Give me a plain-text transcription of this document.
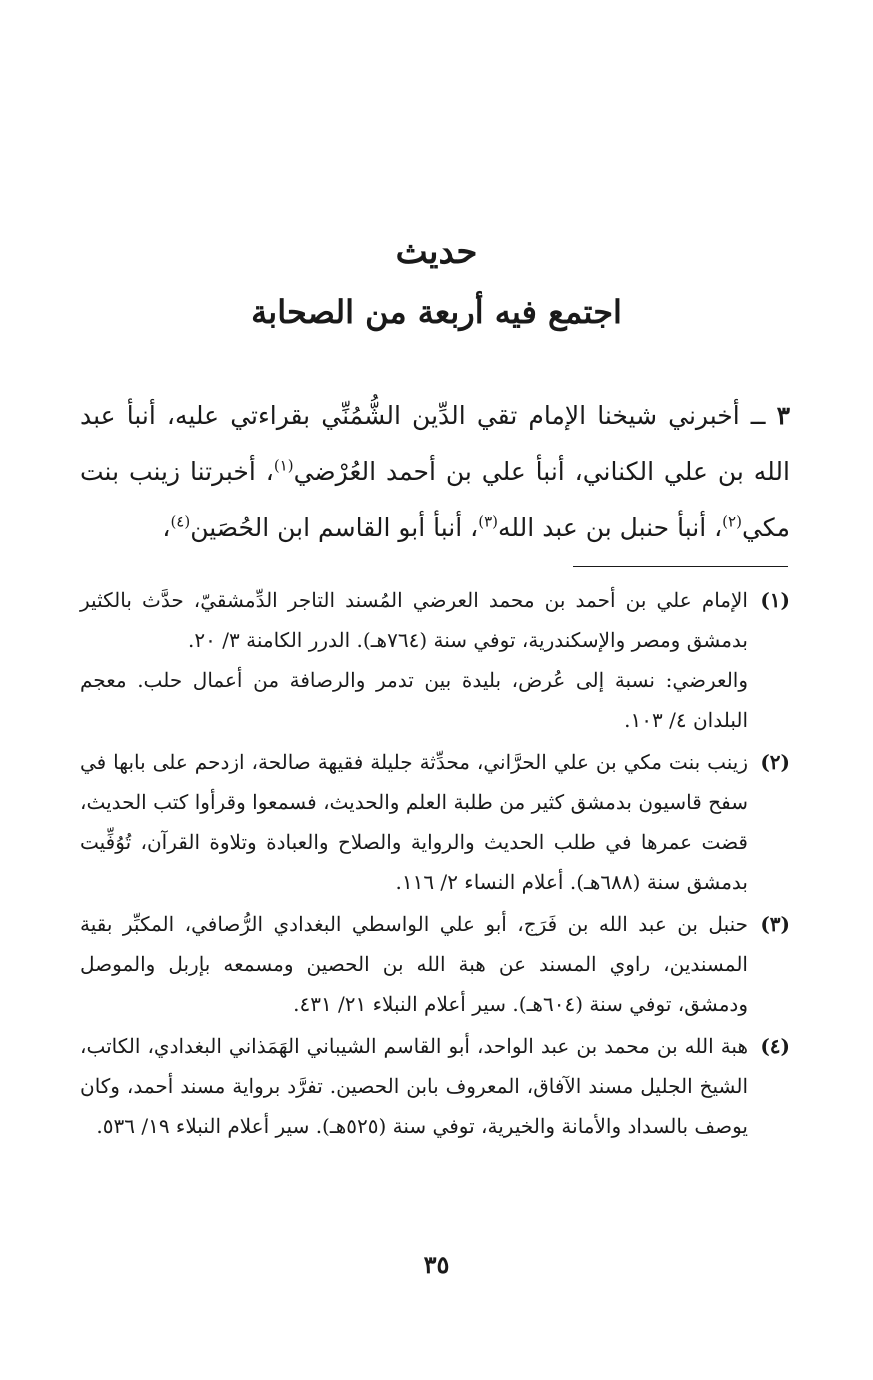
حديث
اجتمع فيه أربعة من الصحابة

٣ ــ أخبرني شيخنا الإمام تقي الدِّين الشُّمُنِّي بقراءتي عليه، أنبأ عبد الله بن علي الكناني، أنبأ علي بن أحمد العُرْضي$^{(١)}$، أخبرتنا زينب بنت مكي$^{(٢)}$، أنبأ حنبل بن عبد الله$^{(٣)}$، أنبأ أبو القاسم ابن الحُصَين$^{(٤)}$،

(١)

الإمام علي بن أحمد بن محمد العرضي المُسند التاجر الدِّمشقيّ، حدَّث بالكثير بدمشق ومصر والإسكندرية، توفي سنة (٧٦٤هـ). الدرر الكامنة ٣/ ٢٠.

والعرضي: نسبة إلى عُرض، بليدة بين تدمر والرصافة من أعمال حلب. معجم البلدان ٤/ ١٠٣.

(٢)

زينب بنت مكي بن علي الحرَّاني، محدِّثة جليلة فقيهة صالحة، ازدحم على بابها في سفح قاسيون بدمشق كثير من طلبة العلم والحديث، فسمعوا وقرأوا كتب الحديث، قضت عمرها في طلب الحديث والرواية والصلاح والعبادة وتلاوة القرآن، تُوُفِّيت بدمشق سنة (٦٨٨هـ). أعلام النساء ٢/ ١١٦.

(٣)

حنبل بن عبد الله بن فَرَج، أبو علي الواسطي البغدادي الرُّصافي، المكبِّر بقية المسندين، راوي المسند عن هبة الله بن الحصين ومسمعه بإربل والموصل ودمشق، توفي سنة (٦٠٤هـ). سير أعلام النبلاء ٢١/ ٤٣١.

(٤)

هبة الله بن محمد بن عبد الواحد، أبو القاسم الشيباني الهَمَذاني البغدادي، الكاتب، الشيخ الجليل مسند الآفاق، المعروف بابن الحصين. تفرَّد برواية مسند أحمد، وكان يوصف بالسداد والأمانة والخيرية، توفي سنة (٥٢٥هـ). سير أعلام النبلاء ١٩/ ٥٣٦.

٣٥
